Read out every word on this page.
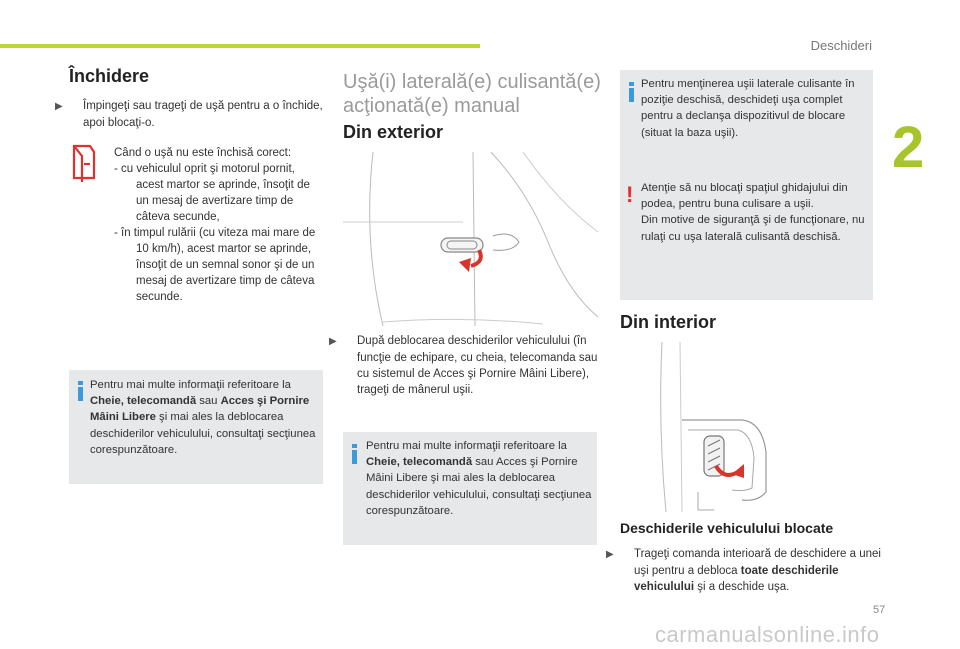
Deschideri
2
57
carmanualsonline.info
Închidere
▶ Împingeţi sau trageţi de uşă pentru a o închide, apoi blocaţi-o.
Când o uşă nu este închisă corect:
- cu vehiculul oprit şi motorul pornit, acest martor se aprinde, însoţit de un mesaj de avertizare timp de câteva secunde,
- în timpul rulării (cu viteza mai mare de 10 km/h), acest martor se aprinde, însoţit de un semnal sonor şi de un mesaj de avertizare timp de câteva secunde.
Pentru mai multe informaţii referitoare la Cheie, telecomandă sau Acces şi Pornire Mâini Libere şi mai ales la deblocarea deschiderilor vehiculului, consultaţi secţiunea corespunzătoare.
Uşă(i) laterală(e) culisantă(e)
acţionată(e) manual
Din exterior
▶ După deblocarea deschiderilor vehiculului (în funcţie de echipare, cu cheia, telecomanda sau cu sistemul de Acces şi Pornire Mâini Libere), trageţi de mânerul uşii.
Pentru mai multe informaţii referitoare la Cheie, telecomandă sau Acces şi Pornire Mâini Libere şi mai ales la deblocarea deschiderilor vehiculului, consultaţi secţiunea corespunzătoare.
Pentru menţinerea uşii laterale culisante în poziţie deschisă, deschideţi uşa complet pentru a declanşa dispozitivul de blocare (situat la baza uşii).
! Atenţie să nu blocaţi spaţiul ghidajului din podea, pentru buna culisare a uşii.
Din motive de siguranţă şi de funcţionare, nu rulaţi cu uşa laterală culisantă deschisă.
Din interior
Deschiderile vehiculului blocate
▶ Trageţi comanda interioară de deschidere a unei uşi pentru a debloca toate deschiderile vehiculului şi a deschide uşa.
